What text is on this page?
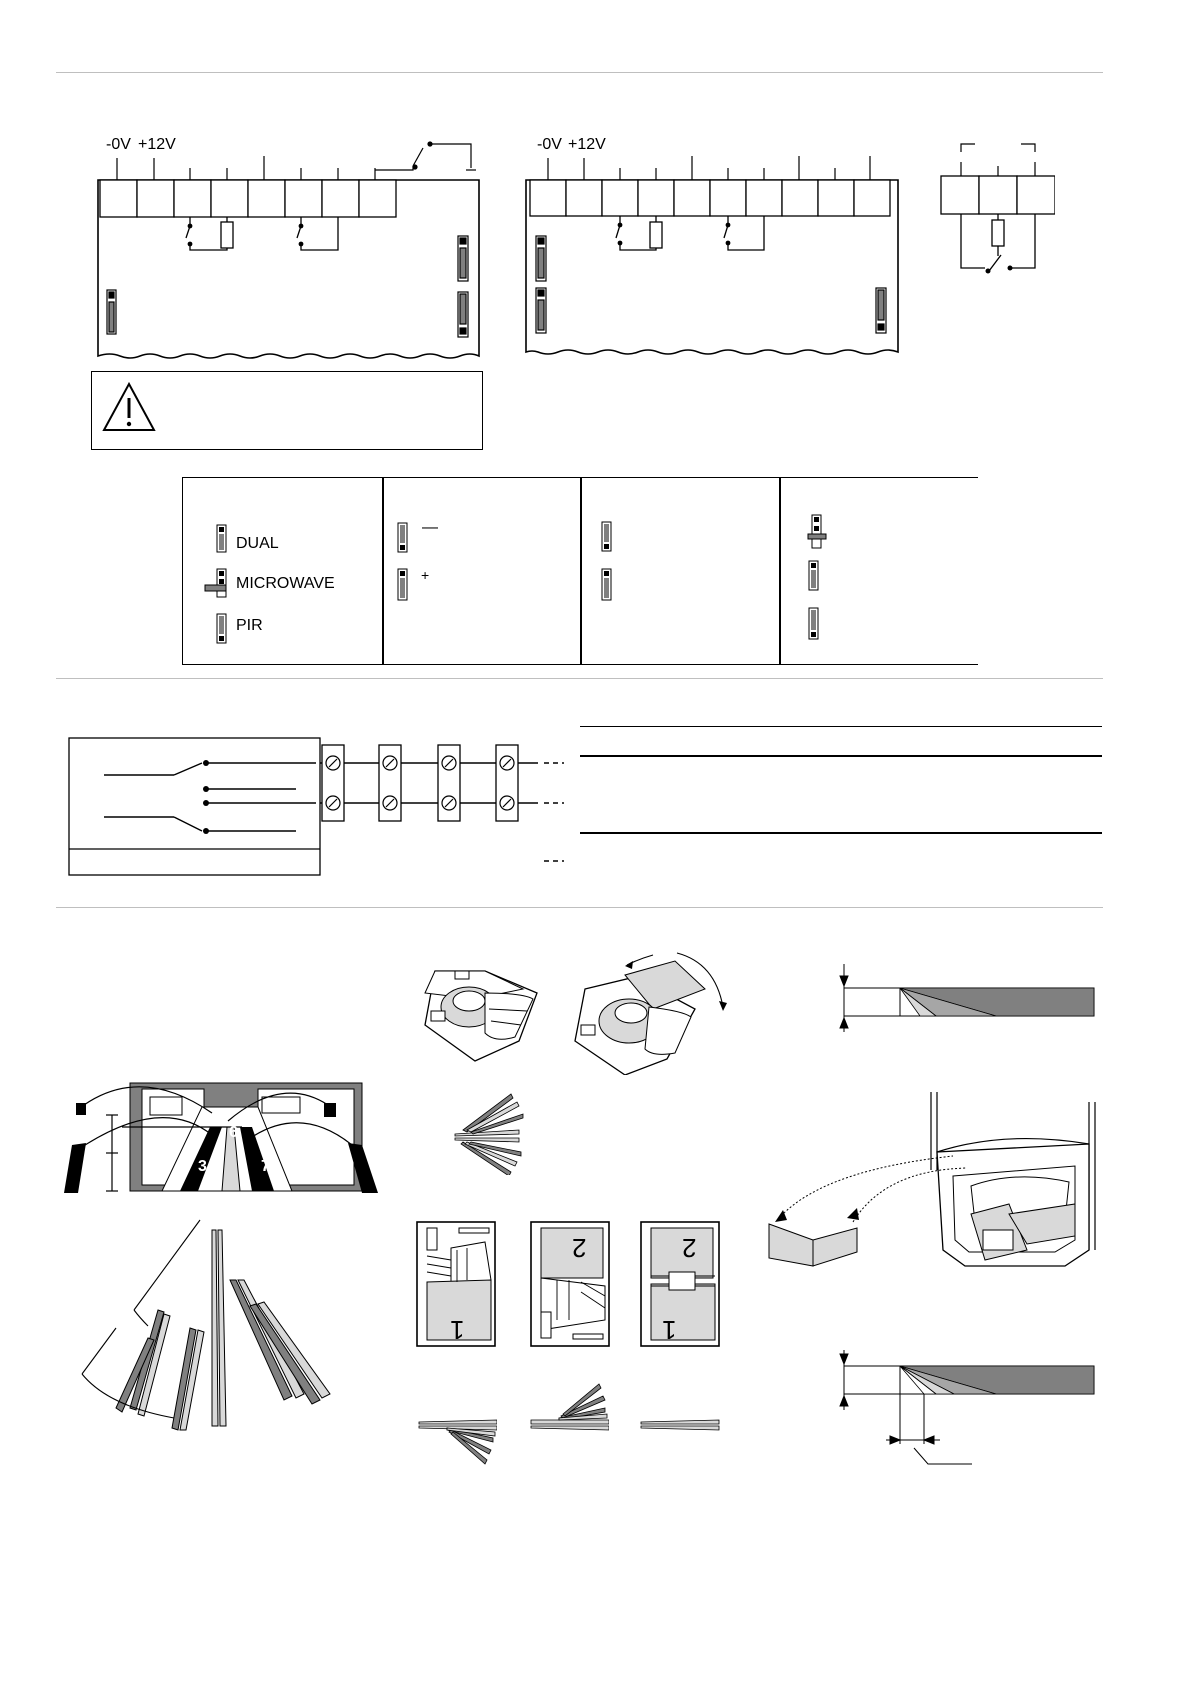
-0V +12V	-0V +12V
DUAL
MICROWAVE
PIR
—
+
3
6
7
1
2	2
1
